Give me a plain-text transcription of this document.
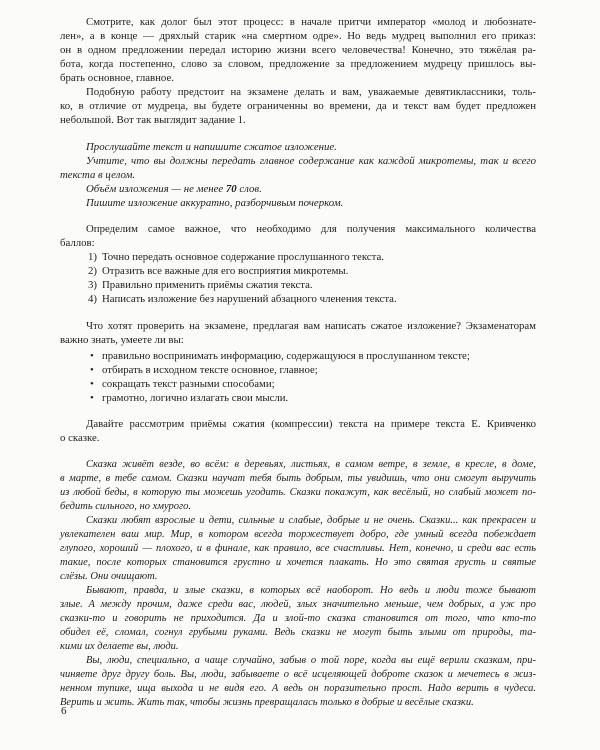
Смотрите, как долог был этот процесс: в начале притчи император «молод и любознате-
лен», а в конце — дряхлый старик «на смертном одре». Но ведь мудрец выполнил его приказ:
он в одном предложении передал историю жизни всего человечества! Конечно, это тяжёлая ра-
бота, когда постепенно, слово за словом, предложение за предложением мудрецу пришлось вы-
брать основное, главное.
Подобную работу предстоит на экзамене делать и вам, уважаемые девятиклассники, толь-
ко, в отличие от мудреца, вы будете ограниченны во времени, да и текст вам будет предложен
небольшой. Вот так выглядит задание 1.
Прослушайте текст и напишите сжатое изложение.
Учтите, что вы должны передать главное содержание как каждой микротемы, так и всего
текста в целом.
Объём изложения — не менее 70 слов.
Пишите изложение аккуратно, разборчивым почерком.
Определим самое важное, что необходимо для получения максимального количества
баллов:
1) Точно передать основное содержание прослушанного текста.
2) Отразить все важные для его восприятия микротемы.
3) Правильно применить приёмы сжатия текста.
4) Написать изложение без нарушений абзацного членения текста.
Что хотят проверить на экзамене, предлагая вам написать сжатое изложение? Экзаменаторам
важно знать, умеете ли вы:
• правильно воспринимать информацию, содержащуюся в прослушанном тексте;
• отбирать в исходном тексте основное, главное;
• сокращать текст разными способами;
• грамотно, логично излагать свои мысли.
Давайте рассмотрим приёмы сжатия (компрессии) текста на примере текста Е. Кривченко
о сказке.
Сказка живёт везде, во всём: в деревьях, листьях, в самом ветре, в земле, в кресле, в доме,
в марте, в тебе самом. Сказки научат тебя быть добрым, ты увидишь, что они смогут выручить
из любой беды, в которую ты можешь угодить. Сказки покажут, как весёлый, но слабый может по-
бедить сильного, но хмурого.
Сказки любят взрослые и дети, сильные и слабые, добрые и не очень. Сказки... как прекрасен и
увлекателен ваш мир. Мир, в котором всегда торжествует добро, где умный всегда побеждает
глупого, хороший — плохого, и в финале, как правило, все счастливы. Нет, конечно, и среди вас есть
такие, после которых становится грустно и хочется плакать. Но это святая грусть и святые
слёзы. Они очищают.
Бывают, правда, и злые сказки, в которых всё наоборот. Но ведь и люди тоже бывают
злые. А между прочим, даже среди вас, людей, злых значительно меньше, чем добрых, а уж про
сказки-то и говорить не приходится. Да и злой-то сказка становится от того, что кто-то
обидел её, сломал, согнул грубыми руками. Ведь сказки не могут быть злыми от природы, та-
кими их делаете вы, люди.
Вы, люди, специально, а чаще случайно, забыв о той поре, когда вы ещё верили сказкам, при-
чиняете друг другу боль. Вы, люди, забываете о всё исцеляющей доброте сказок и мечетесь в жиз-
ненном тупике, ища выхода и не видя его. А ведь он поразительно прост. Надо верить в чудеса.
Верить и жить. Жить так, чтобы жизнь превращалась только в добрые и весёлые сказки.
6
